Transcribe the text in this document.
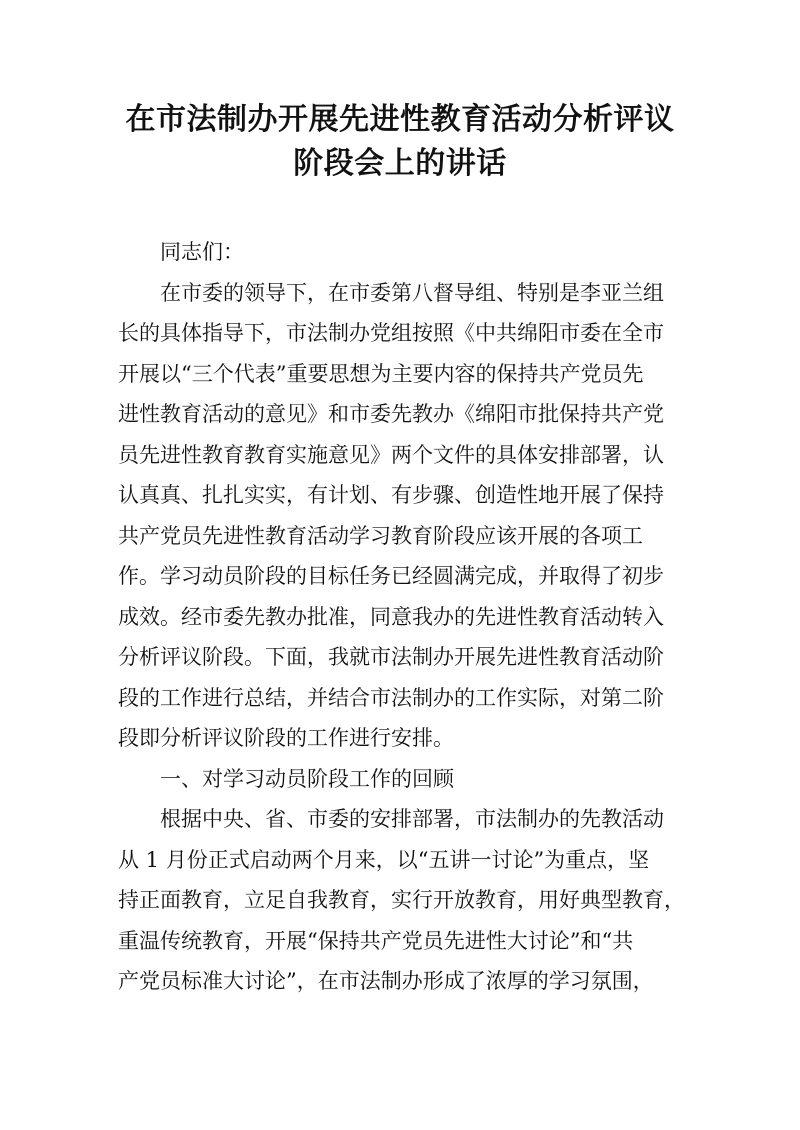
在市法制办开展先进性教育活动分析评议
阶段会上的讲话
同志们：
在市委的领导下，在市委第八督导组、特别是李亚兰组
长的具体指导下，市法制办党组按照《中共绵阳市委在全市
开展以“三个代表”重要思想为主要内容的保持共产党员先
进性教育活动的意见》和市委先教办《绵阳市批保持共产党
员先进性教育教育实施意见》两个文件的具体安排部署，认
认真真、扎扎实实，有计划、有步骤、创造性地开展了保持
共产党员先进性教育活动学习教育阶段应该开展的各项工
作。学习动员阶段的目标任务已经圆满完成，并取得了初步
成效。经市委先教办批准，同意我办的先进性教育活动转入
分析评议阶段。下面，我就市法制办开展先进性教育活动阶
段的工作进行总结，并结合市法制办的工作实际，对第二阶
段即分析评议阶段的工作进行安排。
一、对学习动员阶段工作的回顾
根据中央、省、市委的安排部署，市法制办的先教活动
从 1 月份正式启动两个月来，以“五讲一讨论”为重点，坚
持正面教育，立足自我教育，实行开放教育，用好典型教育，
重温传统教育，开展“保持共产党员先进性大讨论”和“共
产党员标准大讨论”，在市法制办形成了浓厚的学习氛围，
